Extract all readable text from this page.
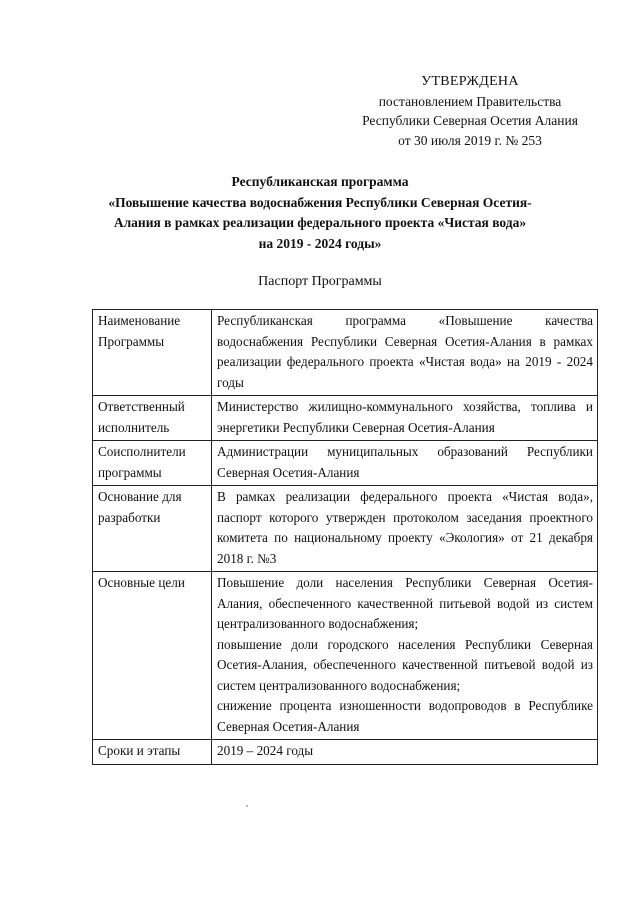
УТВЕРЖДЕНА
постановлением Правительства
Республики Северная Осетия Алания
от 30 июля 2019 г. № 253
Республиканская программа
«Повышение качества водоснабжения Республики Северная Осетия-
Алания в рамках реализации федерального проекта «Чистая вода»
на 2019 - 2024 годы»
Паспорт Программы
Наименование Программы	Республиканская программа «Повышение качества водоснабжения Республики Северная Осетия-Алания в рамках реализации федерального проекта «Чистая вода» на 2019 - 2024 годы

Ответственный исполнитель	Министерство жилищно-коммунального хозяйства, топлива и энергетики Республики Северная Осетия-Алания

Соисполнители программы	Администрации муниципальных образований Республики Северная Осетия-Алания

Основание для разработки	В рамках реализации федерального проекта «Чистая вода», паспорт которого утвержден протоколом заседания проектного комитета по национальному проекту «Экология» от 21 декабря 2018 г. №3

Основные цели	Повышение доли населения Республики Северная Осетия-Алания, обеспеченного качественной питьевой водой из систем централизованного водоснабжения;
повышение доли городского населения Республики Северная Осетия-Алания, обеспеченного качественной питьевой водой из систем централизованного водоснабжения;
снижение процента изношенности водопроводов в Республике Северная Осетия-Алания

Сроки и этапы	2019 – 2024 годы
